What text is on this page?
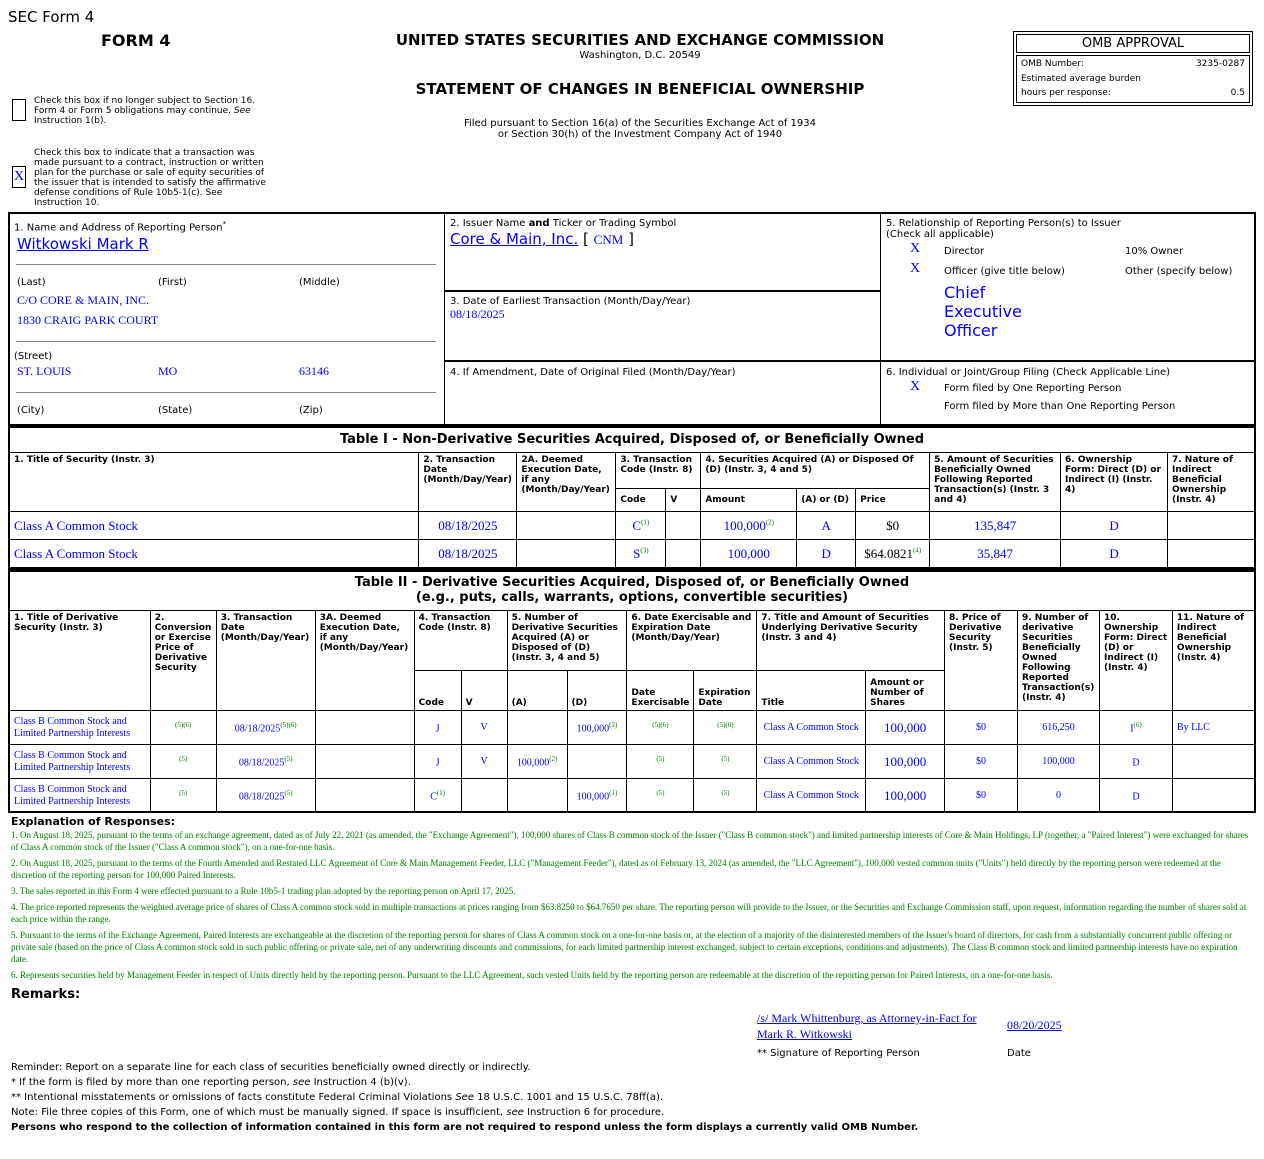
SEC Form 4
FORM 4	UNITED STATES SECURITIES AND EXCHANGE COMMISSION
Washington, D.C. 20549
STATEMENT OF CHANGES IN BENEFICIAL OWNERSHIP
Filed pursuant to Section 16(a) of the Securities Exchange Act of 1934
or Section 30(h) of the Investment Company Act of 1940
OMB APPROVAL
OMB Number:	3235-0287
Estimated average burden
hours per response:	0.5
Check this box if no longer subject to Section 16. Form 4 or Form 5 obligations may continue. See Instruction 1(b).
X
Check this box to indicate that a transaction was made pursuant to a contract, instruction or written plan for the purchase or sale of equity securities of the issuer that is intended to satisfy the affirmative defense conditions of Rule 10b5-1(c). See Instruction 10.
1. Name and Address of Reporting Person*
Witkowski Mark R
(Last)	(First)	(Middle)
C/O CORE & MAIN, INC.
1830 CRAIG PARK COURT
(Street)
ST. LOUIS	MO	63146
(City)	(State)	(Zip)
2. Issuer Name and Ticker or Trading Symbol
Core & Main, Inc. [ CNM ]
3. Date of Earliest Transaction (Month/Day/Year)
08/18/2025
4. If Amendment, Date of Original Filed (Month/Day/Year)
5. Relationship of Reporting Person(s) to Issuer
(Check all applicable)
X Director	10% Owner
X Officer (give title below)	Other (specify below)
Chief
Executive
Officer
6. Individual or Joint/Group Filing (Check Applicable Line)
X Form filed by One Reporting Person
Form filed by More than One Reporting Person
Table I - Non-Derivative Securities Acquired, Disposed of, or Beneficially Owned
1. Title of Security (Instr. 3)	2. Transaction Date (Month/Day/Year)	2A. Deemed Execution Date, if any (Month/Day/Year)	3. Transaction Code (Instr. 8)		4. Securities Acquired (A) or Disposed Of (D) (Instr. 3, 4 and 5)			5. Amount of Securities Beneficially Owned Following Reported Transaction(s) (Instr. 3 and 4)	6. Ownership Form: Direct (D) or Indirect (I) (Instr. 4)	7. Nature of Indirect Beneficial Ownership (Instr. 4)
			Code	V	Amount	(A) or (D)	Price			
Class A Common Stock	08/18/2025		C$^{(1)}$		100,000$^{(2)}$	A	$0	135,847	D	
Class A Common Stock	08/18/2025		S$^{(3)}$		100,000	D	$64.0821$^{(4)}$	35,847	D	
Table II - Derivative Securities Acquired, Disposed of, or Beneficially Owned
(e.g., puts, calls, warrants, options, convertible securities)
1. Title of Derivative Security (Instr. 3)	2. Conversion or Exercise Price of Derivative Security	3. Transaction Date (Month/Day/Year)	3A. Deemed Execution Date, if any (Month/Day/Year)	4. Transaction Code (Instr. 8)		5. Number of Derivative Securities Acquired (A) or Disposed of (D) (Instr. 3, 4 and 5)		6. Date Exercisable and Expiration Date (Month/Day/Year)		7. Title and Amount of Securities Underlying Derivative Security (Instr. 3 and 4)		8. Price of Derivative Security (Instr. 5)	9. Number of derivative Securities Beneficially Owned Following Reported Transaction(s) (Instr. 4)	10. Ownership Form: Direct (D) or Indirect (I) (Instr. 4)	11. Nature of Indirect Beneficial Ownership (Instr. 4)
				Code	V	(A)	(D)	Date Exercisable	Expiration Date	Title	Amount or Number of Shares				
Class B Common Stock and Limited Partnership Interests	$^{(5)(6)}$	08/18/2025$^{(5)(6)}$		J	V		100,000$^{(2)}$	$^{(5)(6)}$	$^{(5)(6)}$	Class A Common Stock	100,000	$0	616,250	I$^{(6)}$	By LLC
Class B Common Stock and Limited Partnership Interests	$^{(5)}$	08/18/2025$^{(5)}$		J	V	100,000$^{(2)}$		$^{(5)}$	$^{(5)}$	Class A Common Stock	100,000	$0	100,000	D	
Class B Common Stock and Limited Partnership Interests	$^{(5)}$	08/18/2025$^{(5)}$		C$^{(1)}$			100,000$^{(1)}$	$^{(5)}$	$^{(5)}$	Class A Common Stock	100,000	$0	0	D	
Explanation of Responses:
1. On August 18, 2025, pursuant to the terms of an exchange agreement, dated as of July 22, 2021 (as amended, the "Exchange Agreement"), 100,000 shares of Class B common stock of the Issuer ("Class B common stock") and limited partnership interests of Core & Main Holdings, LP (together, a "Paired Interest") were exchanged for shares of Class A common stock of the Issuer ("Class A common stock"), on a one-for-one basis.
2. On August 18, 2025, pursuant to the terms of the Fourth Amended and Restated LLC Agreement of Core & Main Management Feeder, LLC ("Management Feeder"), dated as of February 13, 2024 (as amended, the "LLC Agreement"), 100,000 vested common units ("Units") held directly by the reporting person were redeemed at the discretion of the reporting person for 100,000 Paired Interests.
3. The sales reported in this Form 4 were effected pursuant to a Rule 10b5-1 trading plan adopted by the reporting person on April 17, 2025.
4. The price reported represents the weighted average price of shares of Class A common stock sold in multiple transactions at prices ranging from $63.8250 to $64.7650 per share. The reporting person will provide to the Issuer, or the Securities and Exchange Commission staff, upon request, information regarding the number of shares sold at each price within the range.
5. Pursuant to the terms of the Exchange Agreement, Paired Interests are exchangeable at the discretion of the reporting person for shares of Class A common stock on a one-for-one basis or, at the election of a majority of the disinterested members of the Issuer's board of directors, for cash from a substantially concurrent public offering or private sale (based on the price of Class A common stock sold in such public offering or private sale, net of any underwriting discounts and commissions, for each limited partnership interest exchanged, subject to certain exceptions, conditions and adjustments). The Class B common stock and limited partnership interests have no expiration date.
6. Represents securities held by Management Feeder in respect of Units directly held by the reporting person. Pursuant to the LLC Agreement, such vested Units held by the reporting person are redeemable at the discretion of the reporting person for Paired Interests, on a one-for-one basis.
Remarks:
/s/ Mark Whittenburg, as Attorney-in-Fact for Mark R. Witkowski
08/20/2025
** Signature of Reporting Person	Date
Reminder: Report on a separate line for each class of securities beneficially owned directly or indirectly.
* If the form is filed by more than one reporting person, see Instruction 4 (b)(v).
** Intentional misstatements or omissions of facts constitute Federal Criminal Violations See 18 U.S.C. 1001 and 15 U.S.C. 78ff(a).
Note: File three copies of this Form, one of which must be manually signed. If space is insufficient, see Instruction 6 for procedure.
Persons who respond to the collection of information contained in this form are not required to respond unless the form displays a currently valid OMB Number.
